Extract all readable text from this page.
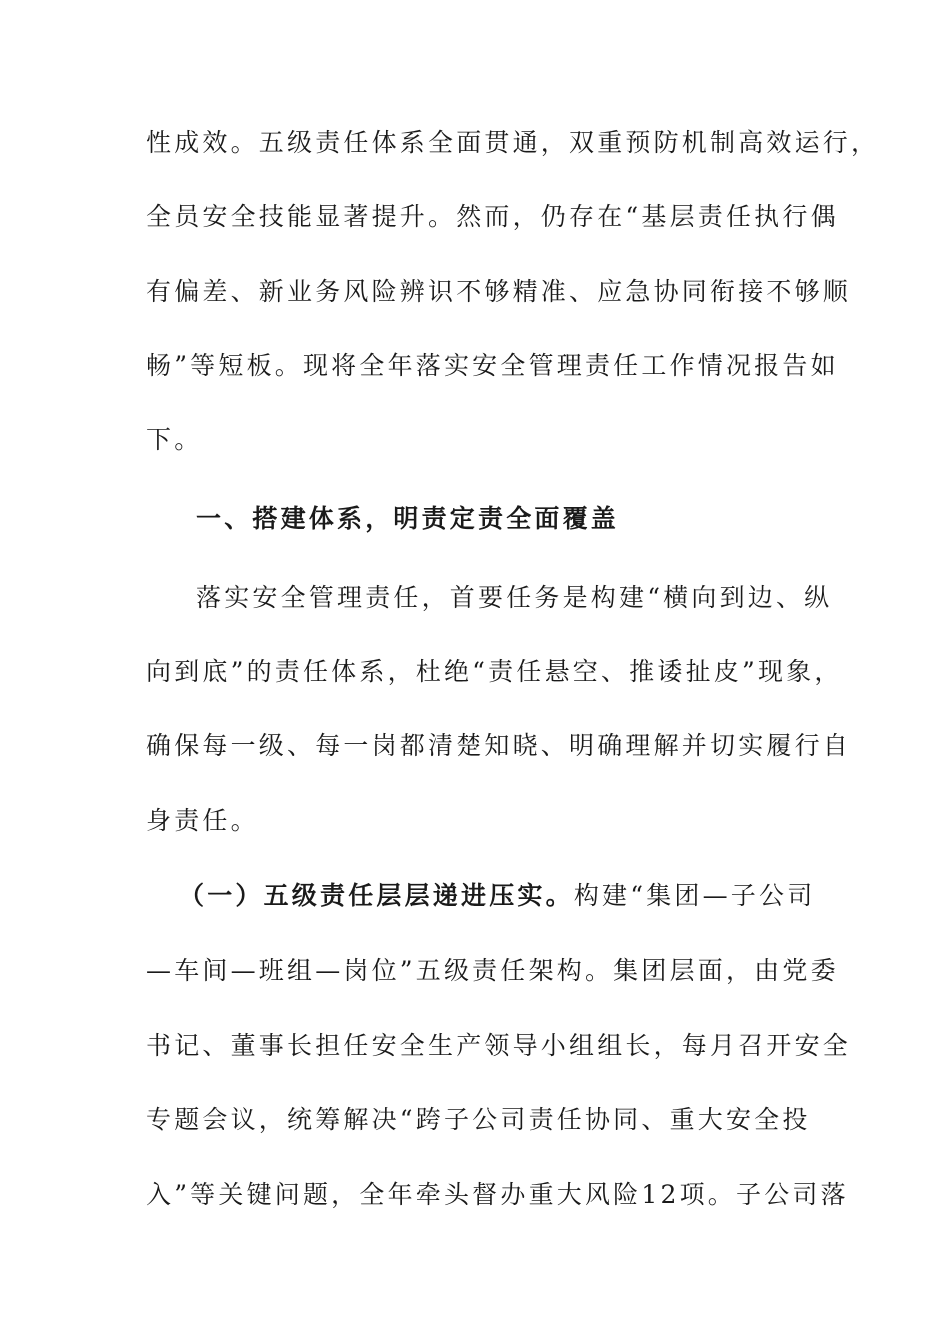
性成效。五级责任体系全面贯通，双重预防机制高效运行，
全员安全技能显著提升。然而，仍存在“基层责任执行偶
有偏差、新业务风险辨识不够精准、应急协同衔接不够顺
畅”等短板。现将全年落实安全管理责任工作情况报告如
下。
一、搭建体系，明责定责全面覆盖
落实安全管理责任，首要任务是构建“横向到边、纵
向到底”的责任体系，杜绝“责任悬空、推诿扯皮”现象，
确保每一级、每一岗都清楚知晓、明确理解并切实履行自
身责任。
（一）五级责任层层递进压实。构建“集团—子公司
—车间—班组—岗位”五级责任架构。集团层面，由党委
书记、董事长担任安全生产领导小组组长，每月召开安全
专题会议，统筹解决“跨子公司责任协同、重大安全投
入”等关键问题，全年牵头督办重大风险12项。子公司落
